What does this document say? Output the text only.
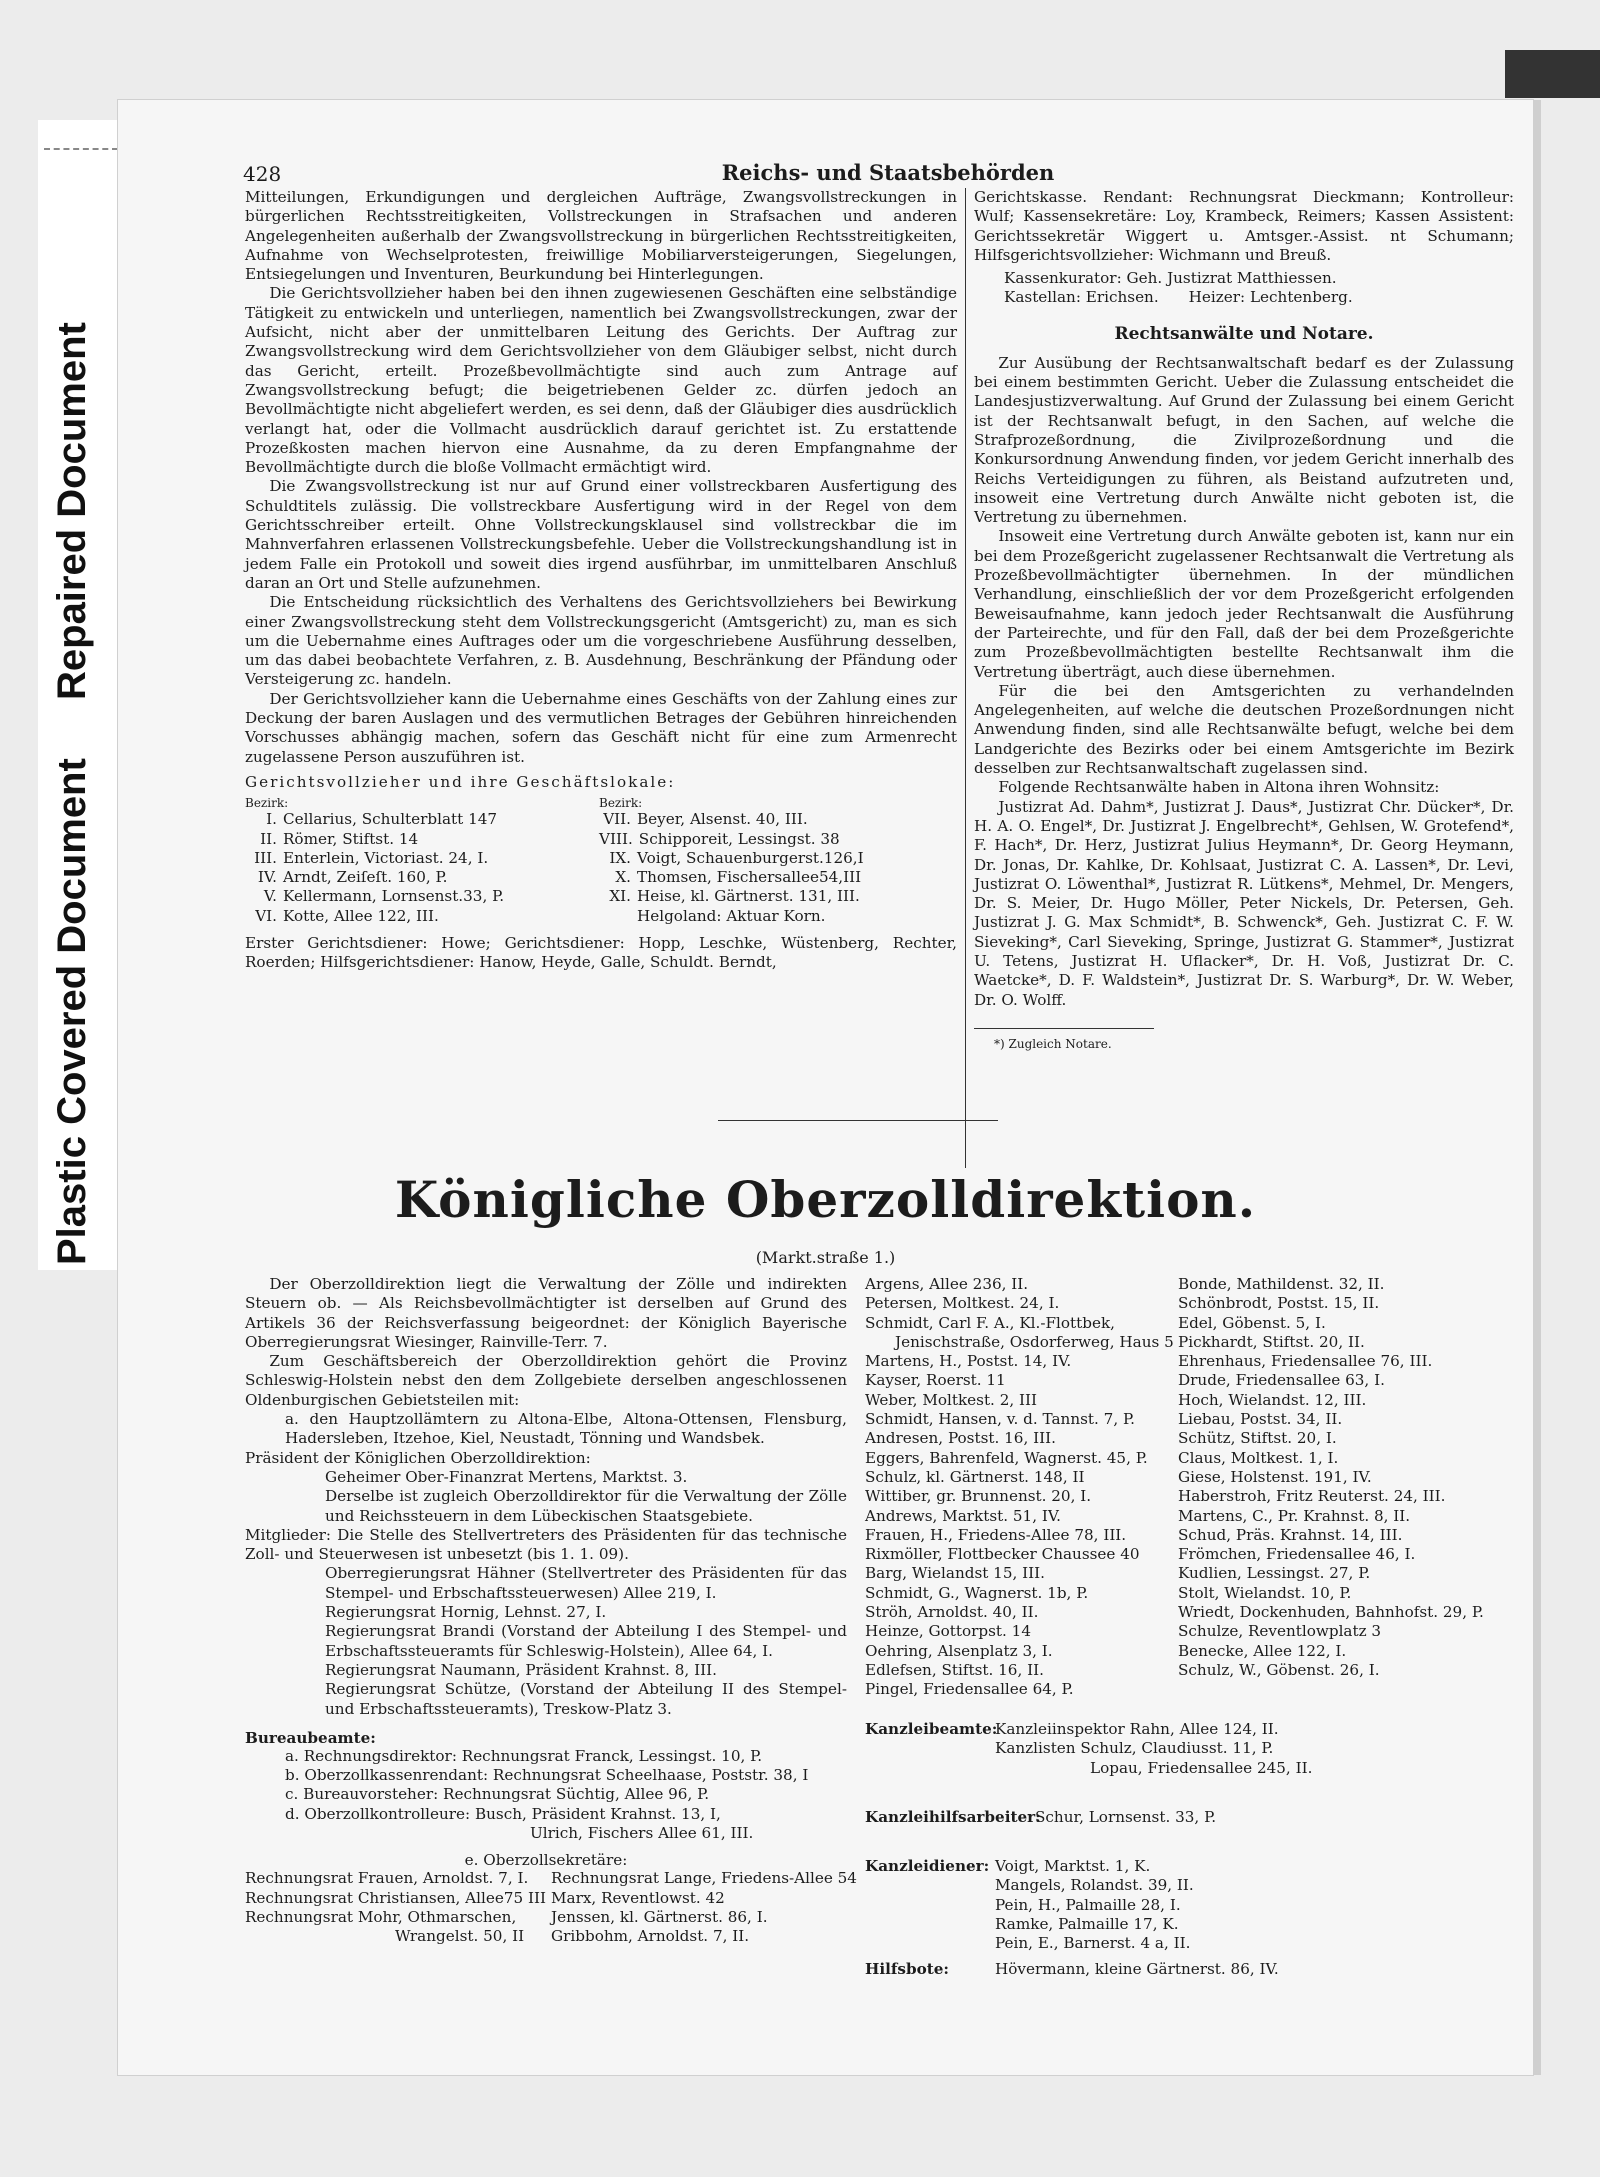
Repaired Document
Plastic Covered Document
428	Reichs- und Staatsbehörden

Mitteilungen, Erkundigungen und dergleichen Aufträge, Zwangsvollstreckungen in bürgerlichen Rechtsstreitigkeiten, Vollstreckungen in Strafsachen und anderen Angelegenheiten außerhalb der Zwangsvollstreckung in bürgerlichen Rechtsstreitigkeiten, Aufnahme von Wechselprotesten, freiwillige Mobiliarversteigerungen, Siegelungen, Entsiegelungen und Inventuren, Beurkundung bei Hinterlegungen.

Die Gerichtsvollzieher haben bei den ihnen zugewiesenen Geschäften eine selbständige Tätigkeit zu entwickeln und unterliegen, namentlich bei Zwangsvollstreckungen, zwar der Aufsicht, nicht aber der unmittelbaren Leitung des Gerichts. Der Auftrag zur Zwangsvollstreckung wird dem Gerichtsvollzieher von dem Gläubiger selbst, nicht durch das Gericht, erteilt. Prozeßbevollmächtigte sind auch zum Antrage auf Zwangsvollstreckung befugt; die beigetriebenen Gelder zc. dürfen jedoch an Bevollmächtigte nicht abgeliefert werden, es sei denn, daß der Gläubiger dies ausdrücklich verlangt hat, oder die Vollmacht ausdrücklich darauf gerichtet ist. Zu erstattende Prozeßkosten machen hiervon eine Ausnahme, da zu deren Empfangnahme der Bevollmächtigte durch die bloße Vollmacht ermächtigt wird.

Die Zwangsvollstreckung ist nur auf Grund einer vollstreckbaren Ausfertigung des Schuldtitels zulässig. Die vollstreckbare Ausfertigung wird in der Regel von dem Gerichtsschreiber erteilt. Ohne Vollstreckungsklausel sind vollstreckbar die im Mahnverfahren erlassenen Vollstreckungsbefehle. Ueber die Vollstreckungshandlung ist in jedem Falle ein Protokoll und soweit dies irgend ausführbar, im unmittelbaren Anschluß daran an Ort und Stelle aufzunehmen.

Die Entscheidung rücksichtlich des Verhaltens des Gerichtsvollziehers bei Bewirkung einer Zwangsvollstreckung steht dem Vollstreckungsgericht (Amtsgericht) zu, man es sich um die Uebernahme eines Auftrages oder um die vorgeschriebene Ausführung desselben, um das dabei beobachtete Verfahren, z. B. Ausdehnung, Beschränkung der Pfändung oder Versteigerung zc. handeln.

Der Gerichtsvollzieher kann die Uebernahme eines Geschäfts von der Zahlung eines zur Deckung der baren Auslagen und des vermutlichen Betrages der Gebühren hinreichenden Vorschusses abhängig machen, sofern das Geschäft nicht für eine zum Armenrecht zugelassene Person auszuführen ist.

Gerichtsvollzieher und ihre Geschäftslokale:
Bezirk:
I. Cellarius, Schulterblatt 147
II. Römer, Stiftst. 14
III. Enterlein, Victoriast. 24, I.
IV. Arndt, Zeiſeſt. 160, P.
V. Kellermann, Lornsenst.33, P.
VI. Kotte, Allee 122, III.
Bezirk:
VII. Beyer, Alsenst. 40, III.
VIII. Schipporeit, Lessingst. 38
IX. Voigt, Schauenburgerst.126,I
X. Thomsen, Fischersallee54,III
XI. Heise, kl. Gärtnerst. 131, III.
Helgoland: Aktuar Korn.

Erster Gerichtsdiener: Howe; Gerichtsdiener: Hopp, Leschke, Wüstenberg, Rechter, Roerden; Hilfsgerichtsdiener: Hanow, Heyde, Galle, Schuldt. Berndt,

Gerichtskasse. Rendant: Rechnungsrat Dieckmann; Kontrolleur: Wulf; Kassensekretäre: Loy, Krambeck, Reimers; Kassen Assistent: Gerichtssekretär Wiggert u. Amtsger.-Assist. nt Schumann; Hilfsgerichtsvollzieher: Wichmann und Breuß.

Kassenkurator: Geh. Justizrat Matthiessen.

Kastellan: Erichsen. Heizer: Lechtenberg.
Rechtsanwälte und Notare.

Zur Ausübung der Rechtsanwaltschaft bedarf es der Zulassung bei einem bestimmten Gericht. Ueber die Zulassung entscheidet die Landesjustizverwaltung. Auf Grund der Zulassung bei einem Gericht ist der Rechtsanwalt befugt, in den Sachen, auf welche die Strafprozeßordnung, die Zivilprozeßordnung und die Konkursordnung Anwendung finden, vor jedem Gericht innerhalb des Reichs Verteidigungen zu führen, als Beistand aufzutreten und, insoweit eine Vertretung durch Anwälte nicht geboten ist, die Vertretung zu übernehmen.

Insoweit eine Vertretung durch Anwälte geboten ist, kann nur ein bei dem Prozeßgericht zugelassener Rechtsanwalt die Vertretung als Prozeßbevollmächtigter übernehmen. In der mündlichen Verhandlung, einschließlich der vor dem Prozeßgericht erfolgenden Beweisaufnahme, kann jedoch jeder Rechtsanwalt die Ausführung der Parteirechte, und für den Fall, daß der bei dem Prozeßgerichte zum Prozeßbevollmächtigten bestellte Rechtsanwalt ihm die Vertretung überträgt, auch diese übernehmen.

Für die bei den Amtsgerichten zu verhandelnden Angelegenheiten, auf welche die deutschen Prozeßordnungen nicht Anwendung finden, sind alle Rechtsanwälte befugt, welche bei dem Landgerichte des Bezirks oder bei einem Amtsgerichte im Bezirk desselben zur Rechtsanwaltschaft zugelassen sind.

Folgende Rechtsanwälte haben in Altona ihren Wohnsitz:

Justizrat Ad. Dahm*, Justizrat J. Daus*, Justizrat Chr. Dücker*, Dr. H. A. O. Engel*, Dr. Justizrat J. Engelbrecht*, Gehlsen, W. Grotefend*, F. Hach*, Dr. Herz, Justizrat Julius Heymann*, Dr. Georg Heymann, Dr. Jonas, Dr. Kahlke, Dr. Kohlsaat, Justizrat C. A. Lassen*, Dr. Levi, Justizrat O. Löwenthal*, Justizrat R. Lütkens*, Mehmel, Dr. Mengers, Dr. S. Meier, Dr. Hugo Möller, Peter Nickels, Dr. Petersen, Geh. Justizrat J. G. Max Schmidt*, B. Schwenck*, Geh. Justizrat C. F. W. Sieveking*, Carl Sieveking, Springe, Justizrat G. Stammer*, Justizrat U. Tetens, Justizrat H. Uflacker*, Dr. H. Voß, Justizrat Dr. C. Waetcke*, D. F. Waldstein*, Justizrat Dr. S. Warburg*, Dr. W. Weber, Dr. O. Wolff.

*) Zugleich Notare.
Königliche Oberzolldirektion.
(Markt.straße 1.)

Der Oberzolldirektion liegt die Verwaltung der Zölle und indirekten Steuern ob. — Als Reichsbevollmächtigter ist derselben auf Grund des Artikels 36 der Reichsverfassung beigeordnet: der Königlich Bayerische Oberregierungsrat Wiesinger, Rainville-Terr. 7.

Zum Geschäftsbereich der Oberzolldirektion gehört die Provinz Schleswig-Holstein nebst den dem Zollgebiete derselben angeschlossenen Oldenburgischen Gebietsteilen mit:

a. den Hauptzollämtern zu Altona-Elbe, Altona-Ottensen, Flensburg, Hadersleben, Itzehoe, Kiel, Neustadt, Tönning und Wandsbek.

Präsident der Königlichen Oberzolldirektion:

Geheimer Ober-Finanzrat Mertens, Marktst. 3.

Derselbe ist zugleich Oberzolldirektor für die Verwaltung der Zölle und Reichssteuern in dem Lübeckischen Staatsgebiete.

Mitglieder: Die Stelle des Stellvertreters des Präsidenten für das technische Zoll- und Steuerwesen ist unbesetzt (bis 1. 1. 09).

Oberregierungsrat Hähner (Stellvertreter des Präsidenten für das Stempel- und Erbschaftssteuerwesen) Allee 219, I.

Regierungsrat Hornig, Lehnst. 27, I.

Regierungsrat Brandi (Vorstand der Abteilung I des Stempel- und Erbschaftssteueramts für Schleswig-Holstein), Allee 64, I.

Regierungsrat Naumann, Präsident Krahnst. 8, III.

Regierungsrat Schütze, (Vorstand der Abteilung II des Stempel- und Erbschaftssteueramts), Treskow-Platz 3.

Bureaubeamte:
a. Rechnungsdirektor: Rechnungsrat Franck, Lessingst. 10, P.
b. Oberzollkassenrendant: Rechnungsrat Scheelhaase, Poststr. 38, I
c. Bureauvorsteher: Rechnungsrat Süchtig, Allee 96, P.
d. Oberzollkontrolleure: Busch, Präsident Krahnst. 13, I,
Ulrich, Fischers Allee 61, III.
e. Oberzollsekretäre:
Rechnungsrat Frauen, Arnoldst. 7, I.
Rechnungsrat Christiansen, Allee75 III
Rechnungsrat Mohr, Othmarschen,
Wrangelst. 50, II
Rechnungsrat Lange, Friedens-Allee 54
Marx, Reventlowst. 42
Jenssen, kl. Gärtnerst. 86, I.
Gribbohm, Arnoldst. 7, II.
Argens, Allee 236, II.
Petersen, Moltkest. 24, I.
Schmidt, Carl F. A., Kl.-Flottbek,
Jenischstraße, Osdorferweg, Haus 5
Martens, H., Postst. 14, IV.
Kayser, Roerst. 11
Weber, Moltkest. 2, III
Schmidt, Hansen, v. d. Tannst. 7, P.
Andresen, Postst. 16, III.
Eggers, Bahrenfeld, Wagnerst. 45, P.
Schulz, kl. Gärtnerst. 148, II
Wittiber, gr. Brunnenst. 20, I.
Andrews, Marktst. 51, IV.
Frauen, H., Friedens-Allee 78, III.
Rixmöller, Flottbecker Chaussee 40
Barg, Wielandst 15, III.
Schmidt, G., Wagnerst. 1b, P.
Ströh, Arnoldst. 40, II.
Heinze, Gottorpst. 14
Oehring, Alsenplatz 3, I.
Edlefsen, Stiftst. 16, II.
Pingel, Friedensallee 64, P.
Bonde, Mathildenst. 32, II.
Schönbrodt, Postst. 15, II.
Edel, Göbenst. 5, I.
Pickhardt, Stiftst. 20, II.
Ehrenhaus, Friedensallee 76, III.
Drude, Friedensallee 63, I.
Hoch, Wielandst. 12, III.
Liebau, Postst. 34, II.
Schütz, Stiftst. 20, I.
Claus, Moltkest. 1, I.
Giese, Holstenst. 191, IV.
Haberstroh, Fritz Reuterst. 24, III.
Martens, C., Pr. Krahnst. 8, II.
Schud, Präs. Krahnst. 14, III.
Frömchen, Friedensallee 46, I.
Kudlien, Lessingst. 27, P.
Stolt, Wielandst. 10, P.
Wriedt, Dockenhuden, Bahnhofst. 29, P.
Schulze, Reventlowplatz 3
Benecke, Allee 122, I.
Schulz, W., Göbenst. 26, I.
Kanzleibeamte:
Kanzleiinspektor Rahn, Allee 124, II.
Kanzlisten Schulz, Claudiusst. 11, P.
Lopau, Friedensallee 245, II.
Kanzleihilfsarbeiter:
Schur, Lornsenst. 33, P.
Kanzleidiener: Voigt, Marktst. 1, K.
Mangels, Rolandst. 39, II.
Pein, H., Palmaille 28, I.
Ramke, Palmaille 17, K.
Pein, E., Barnerst. 4 a, II.
Hilfsbote:	Hövermann, kleine Gärtnerst. 86, IV.
